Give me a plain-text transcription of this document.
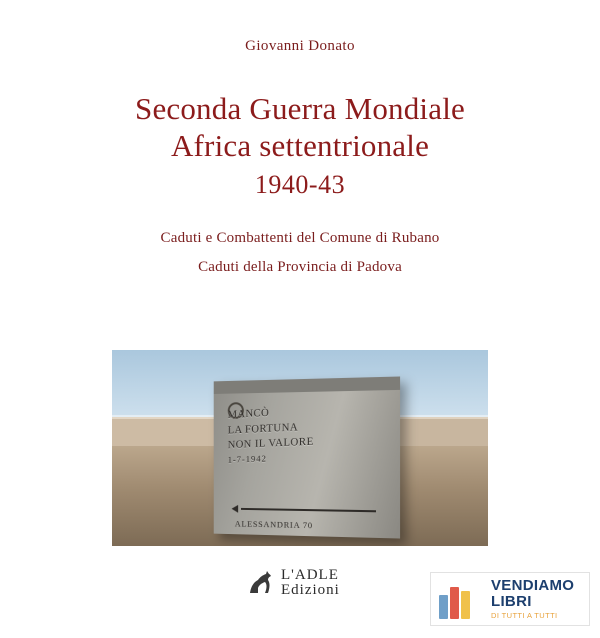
Giovanni Donato
Seconda Guerra Mondiale
Africa settentrionale
1940-43
Caduti e Combattenti del Comune di Rubano
Caduti della Provincia di Padova
MANCÒ
LA FORTUNA
NON IL VALORE
1-7-1942
ALESSANDRIA 70
L'ADLE Edizioni	VENDIAMO
LIBRI
DI TUTTI A TUTTI
